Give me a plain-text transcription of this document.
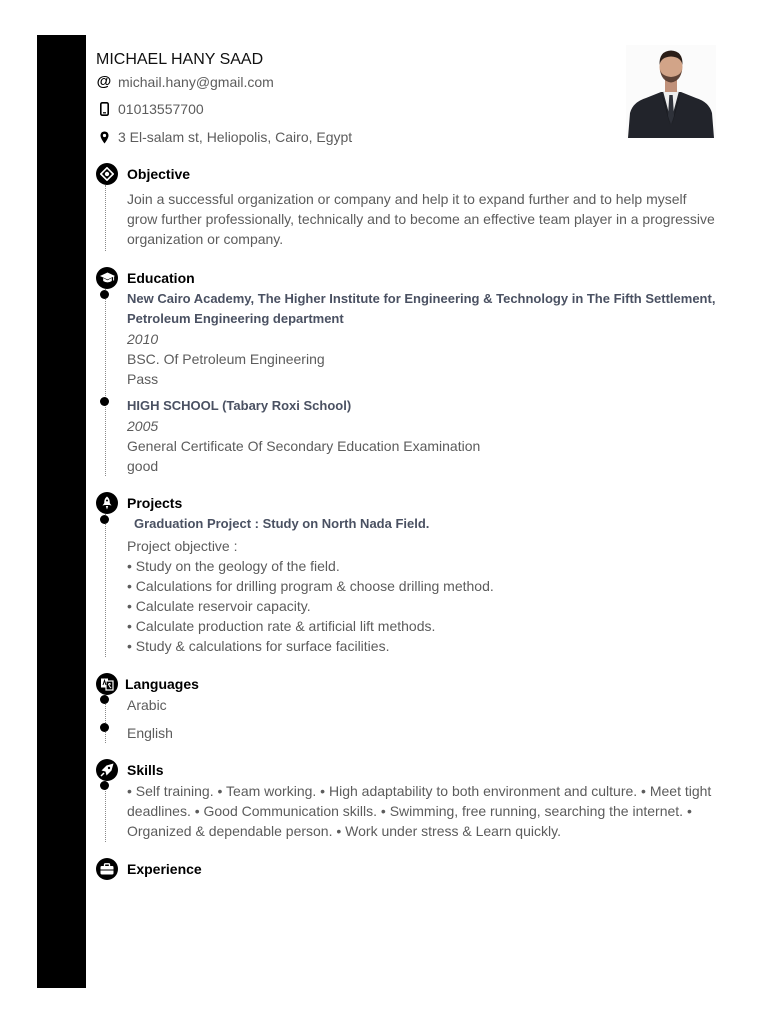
MICHAEL HANY SAAD
@
michail.hany@gmail.com
01013557700
3 El-salam st, Heliopolis, Cairo, Egypt
Objective
Join a successful organization or company and help it to expand further and to help myself
grow further professionally, technically and to become an effective team player in a progressive
organization or company.
Education
New Cairo Academy, The Higher Institute for Engineering & Technology in The Fifth Settlement,
Petroleum Engineering department
2010
BSC. Of Petroleum Engineering
Pass
HIGH SCHOOL (Tabary Roxi School)
2005
General Certificate Of Secondary Education Examination
good
Projects
Graduation Project : Study on North Nada Field.
Project objective :
• Study on the geology of the field.
• Calculations for drilling program & choose drilling method.
• Calculate reservoir capacity.
• Calculate production rate & artificial lift methods.
• Study & calculations for surface facilities.
Languages
Arabic
English
Skills
• Self training. • Team working. • High adaptability to both environment and culture. • Meet tight
deadlines. • Good Communication skills. • Swimming, free running, searching the internet. •
Organized & dependable person. • Work under stress & Learn quickly.
Experience
